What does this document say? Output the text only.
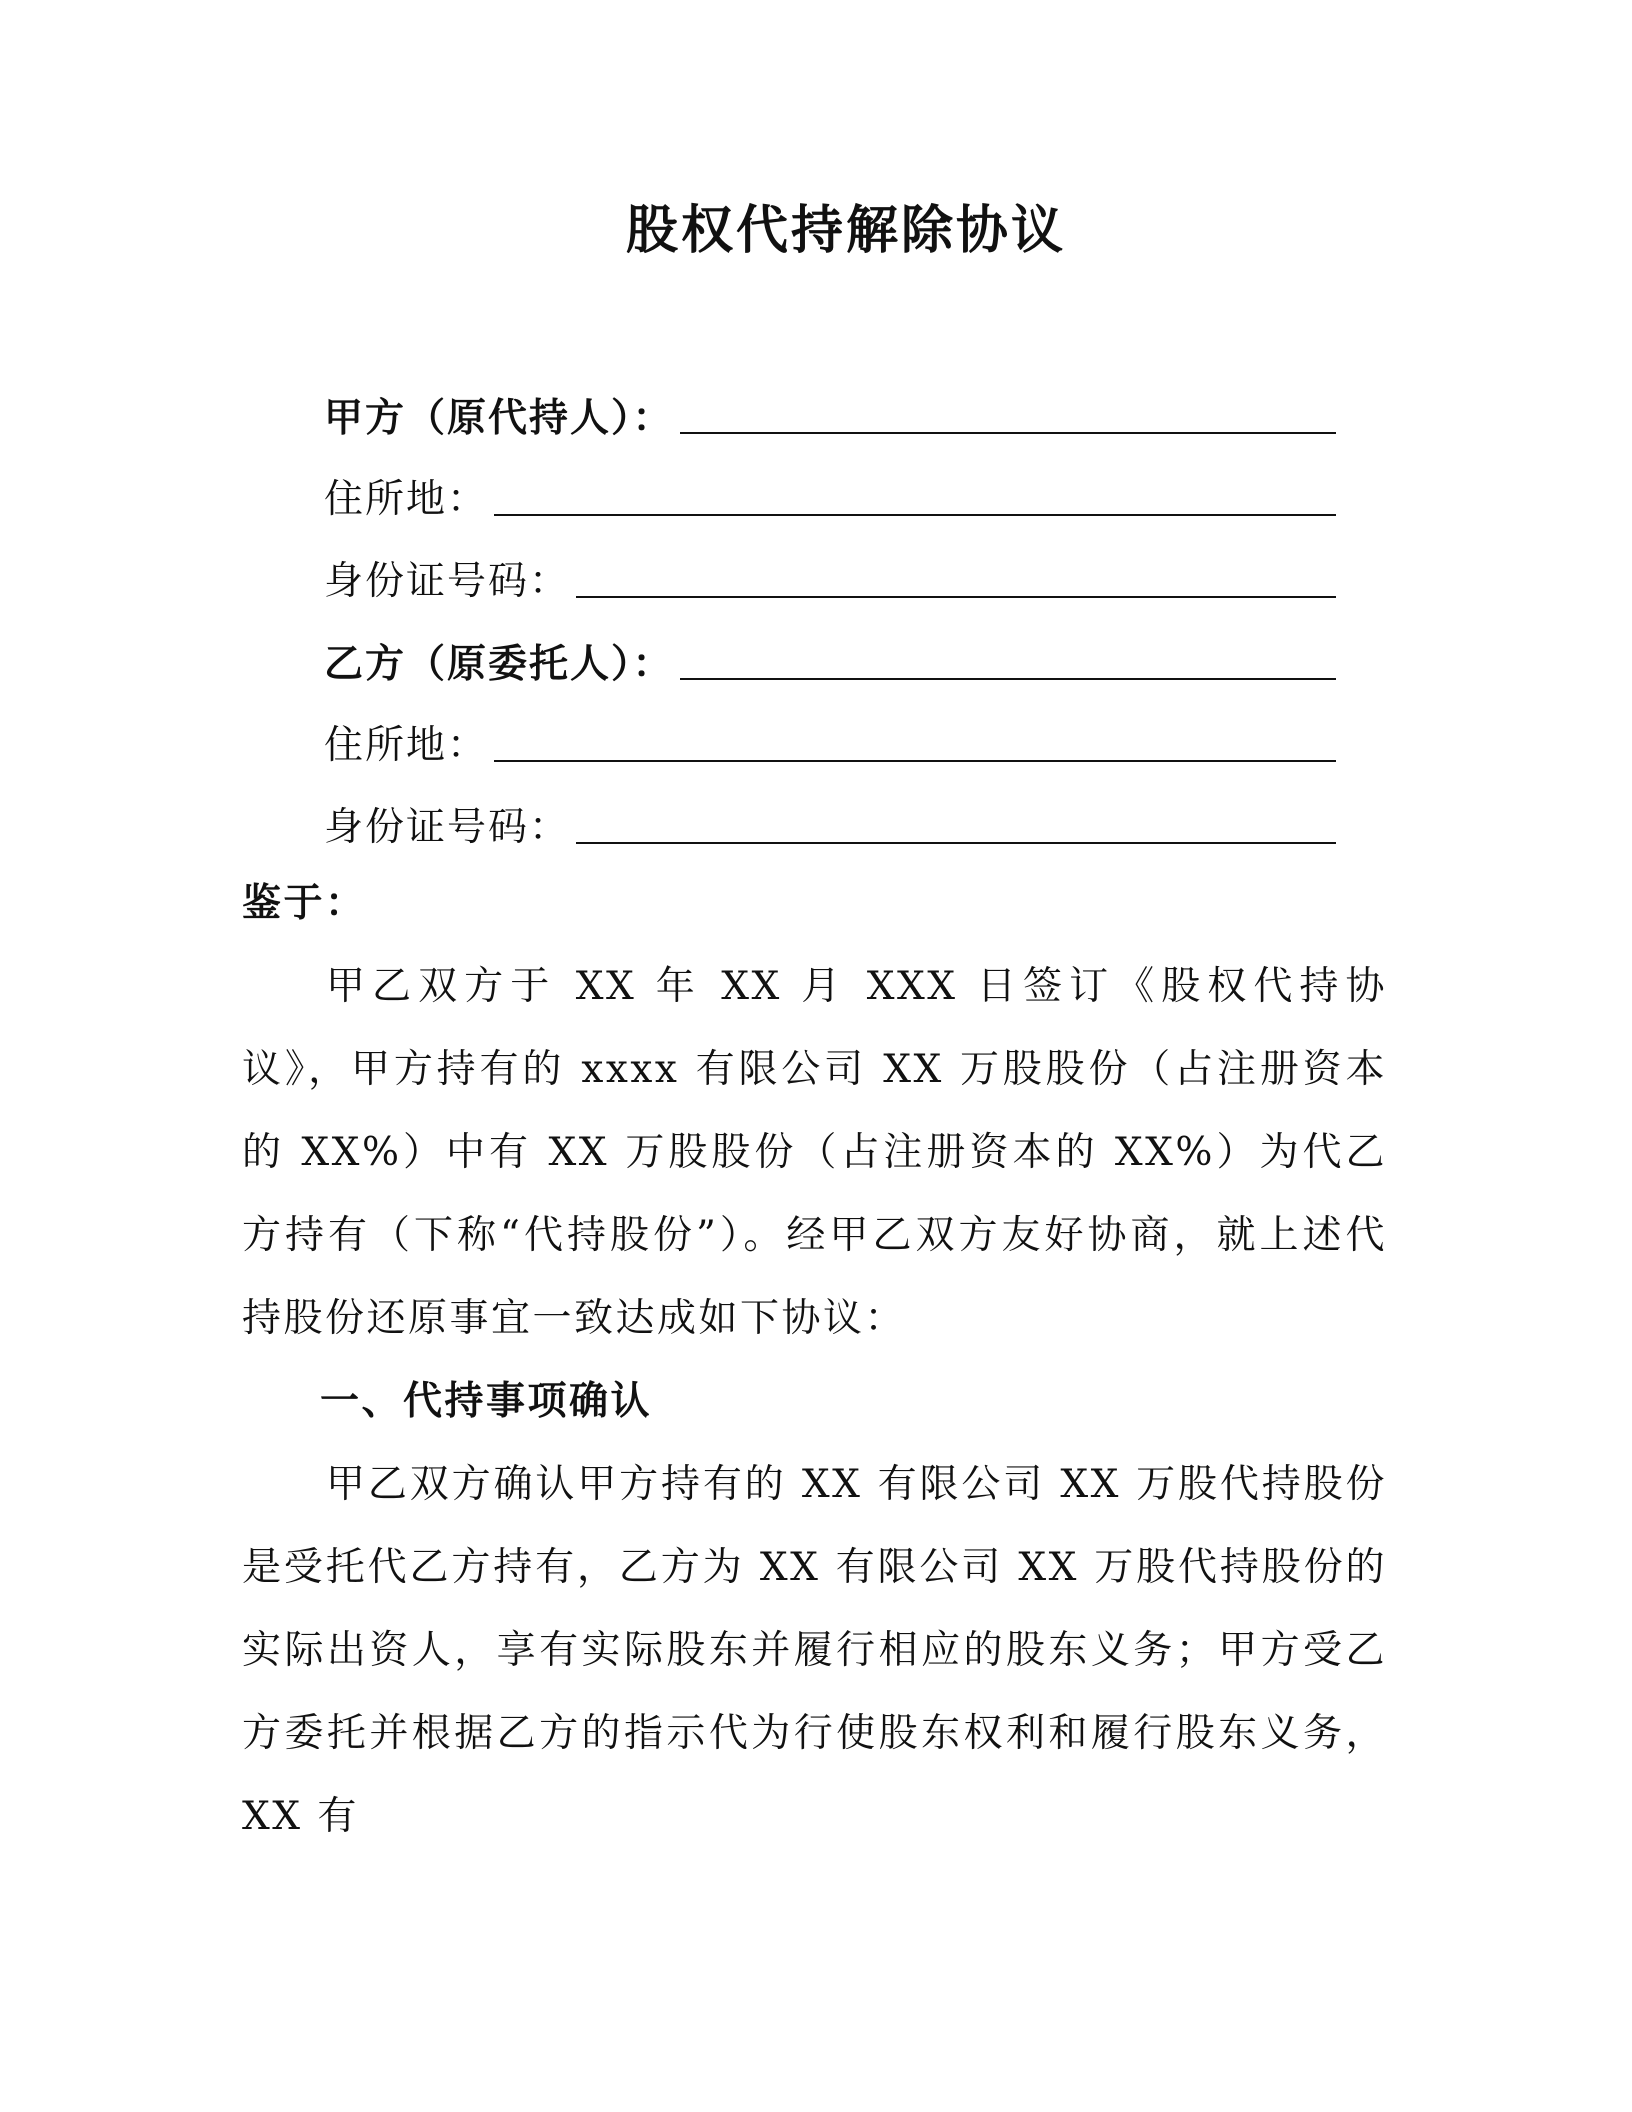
股权代持解除协议
甲方（原代持人）：
住所地：
身份证号码：
乙方（原委托人）：
住所地：
身份证号码：

鉴于：

甲乙双方于 XX 年 XX 月 XXX 日签订《股权代持协议》，甲方持有的 xxxx 有限公司 XX 万股股份（占注册资本的 XX%）中有 XX 万股股份（占注册资本的 XX%）为代乙方持有（下称“代持股份”）。经甲乙双方友好协商，就上述代持股份还原事宜一致达成如下协议：

一、代持事项确认

甲乙双方确认甲方持有的 XX 有限公司 XX 万股代持股份是受托代乙方持有，乙方为 XX 有限公司 XX 万股代持股份的实际出资人，享有实际股东并履行相应的股东义务；甲方受乙方委托并根据乙方的指示代为行使股东权利和履行股东义务，XX 有
